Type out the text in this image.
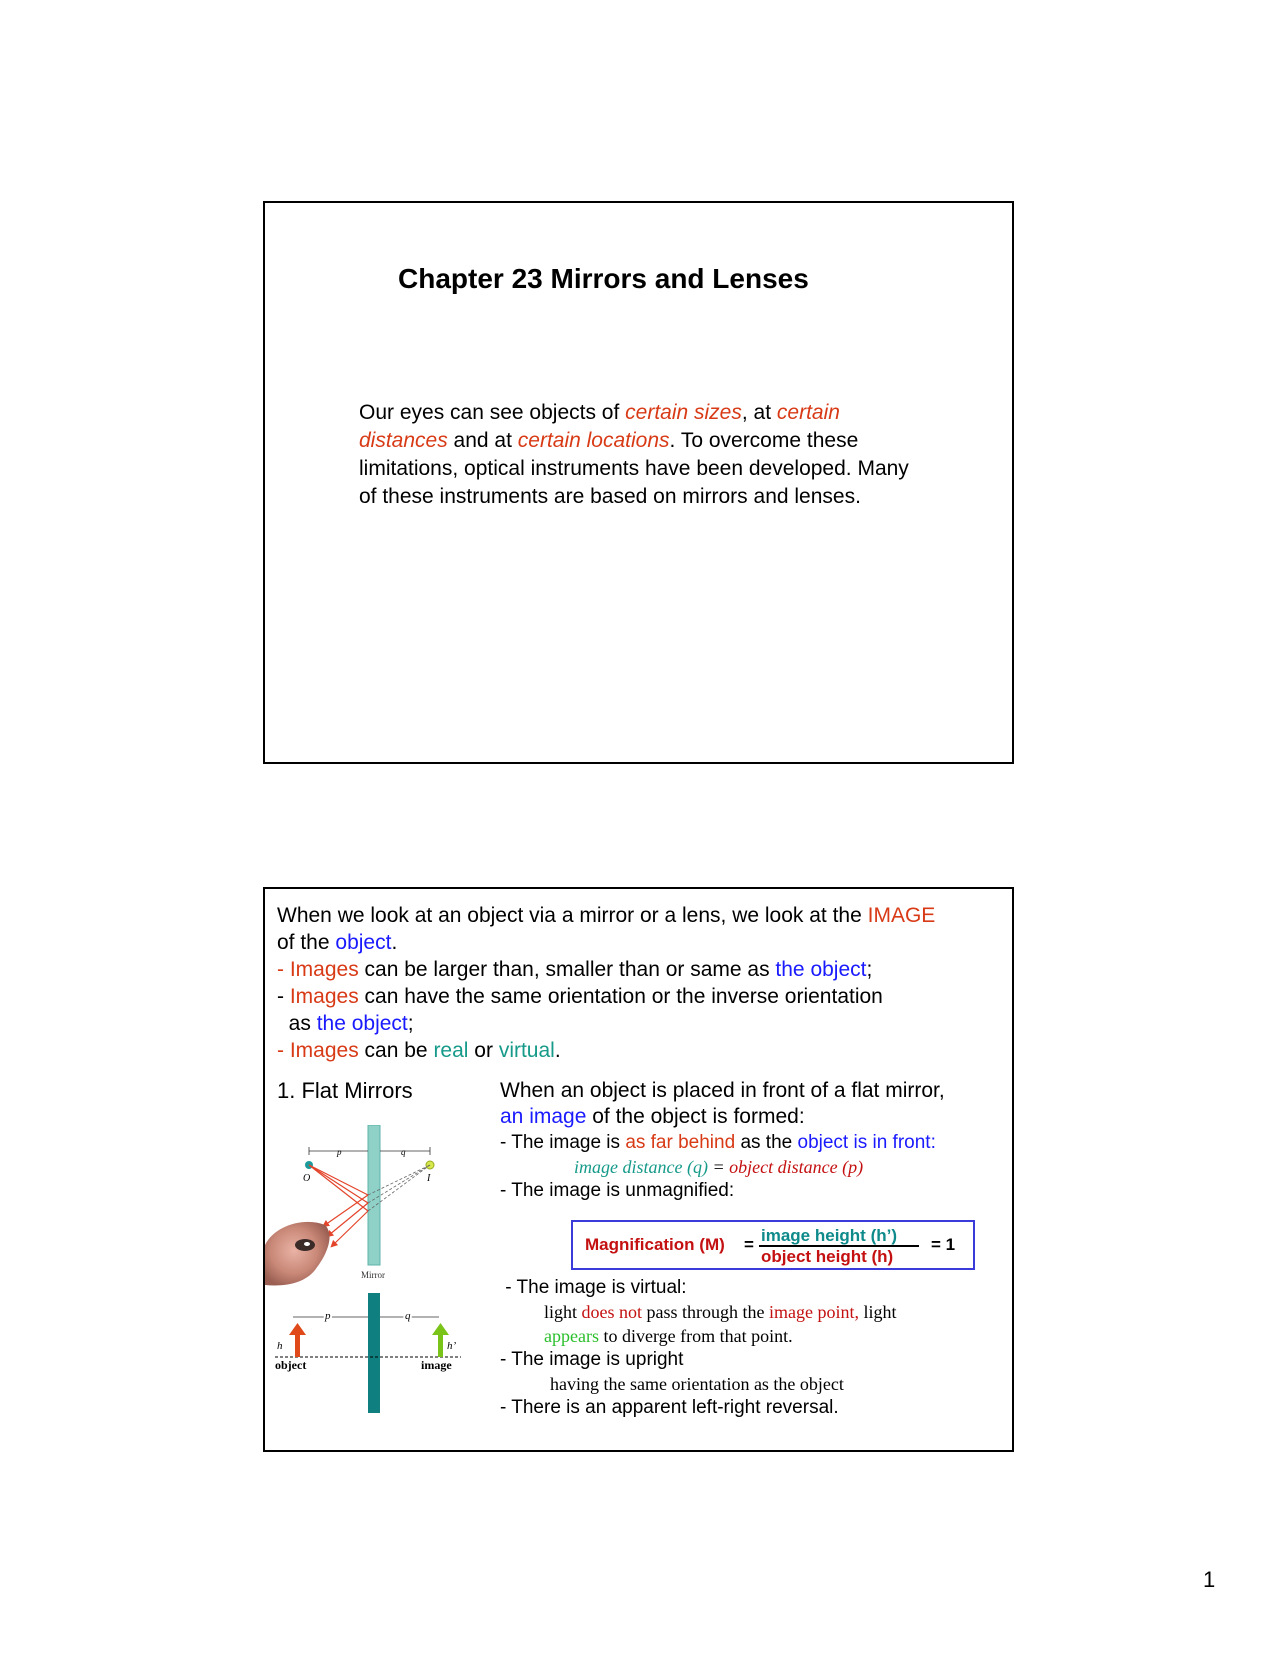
Chapter 23 Mirrors and Lenses
Our eyes can see objects of certain sizes, at certain distances and at certain locations. To overcome these limitations, optical instruments have been developed. Many of these instruments are based on mirrors and lenses.
When we look at an object via a mirror or a lens, we look at the IMAGE
of the object.
- Images can be larger than, smaller than or same as the object;
- Images can have the same orientation or the inverse orientation
as the object;
- Images can be real or virtual.
1. Flat Mirrors	When an object is placed in front of a flat mirror,
an image of the object is formed:
- The image is as far behind as the object is in front:
image distance (q) = object distance (p)
- The image is unmagnified:
Magnification (M) = image height (h’)
object height (h)
= 1
- The image is virtual:
light does not pass through the image point, light
appears to diverge from that point.
- The image is upright
having the same orientation as the object
- There is an apparent left-right reversal.
p	q
O	I
Mirror
p	q
h	h’
object	image
1
